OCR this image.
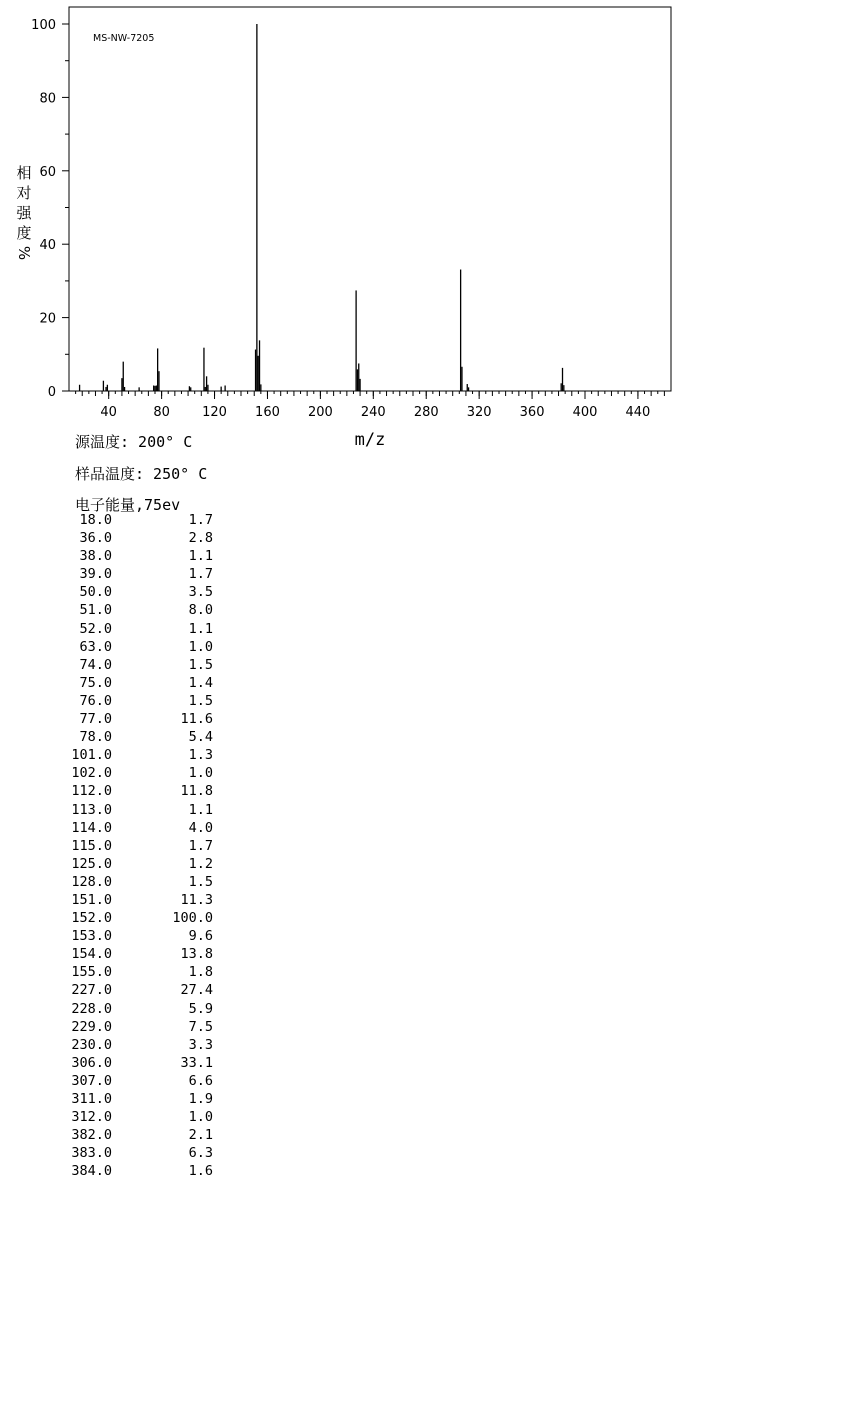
0
20
40
60
80
100
40	80 120 160 200 240 280 320 360 400 440
MS-NW-7205
m/z
相
对
强
度
%
源温度: 200° C
样品温度: 250° C
电子能量,75ev
18.0	1.7
36.0	2.8
38.0	1.1
39.0	1.7
50.0	3.5
51.0	8.0
52.0	1.1
63.0	1.0
74.0	1.5
75.0	1.4
76.0	1.5
77.0	11.6
78.0	5.4
101.0	1.3
102.0	1.0
112.0	11.8
113.0	1.1
114.0	4.0
115.0	1.7
125.0	1.2
128.0	1.5
151.0	11.3
152.0	100.0
153.0	9.6
154.0	13.8
155.0	1.8
227.0	27.4
228.0	5.9
229.0	7.5
230.0	3.3
306.0	33.1
307.0	6.6
311.0	1.9
312.0	1.0
382.0	2.1
383.0	6.3
384.0	1.6
